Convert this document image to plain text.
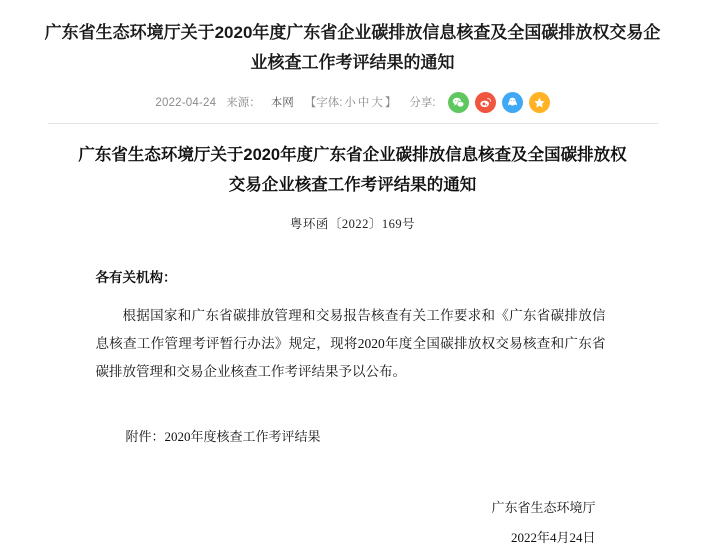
广东省生态环境厅关于2020年度广东省企业碳排放信息核查及全国碳排放权交易企业核查工作考评结果的通知
2022-04-24 来源： 本网 【字体: 小 中 大 】 分享:
广东省生态环境厅关于2020年度广东省企业碳排放信息核查及全国碳排放权交易企业核查工作考评结果的通知
粤环函〔2022〕169号
各有关机构：
根据国家和广东省碳排放管理和交易报告核查有关工作要求和《广东省碳排放信息核查工作管理考评暂行办法》规定，现将2020年度全国碳排放权交易核查和广东省碳排放管理和交易企业核查工作考评结果予以公布。
附件：2020年度核查工作考评结果
广东省生态环境厅
2022年4月24日
